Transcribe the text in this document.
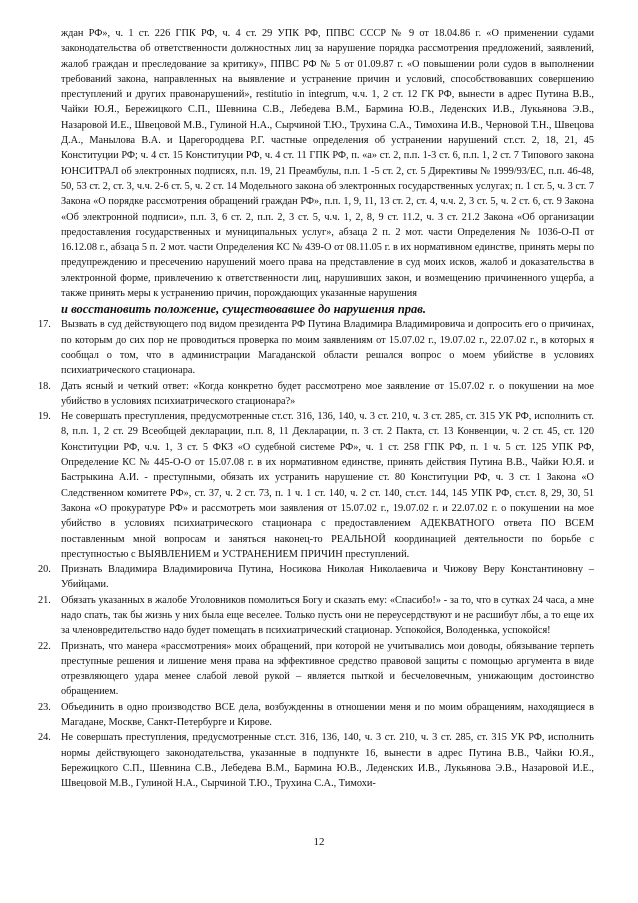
ждан РФ», ч. 1 ст. 226 ГПК РФ, ч. 4 ст. 29 УПК РФ, ППВС СССР № 9 от 18.04.86 г. «О применении судами законодательства об ответственности должностных лиц за нарушение порядка рассмотрения предложений, заявлений, жалоб граждан и преследование за критику», ППВС РФ № 5 от 01.09.87 г. «О повышении роли судов в выполнении требований закона, направленных на выявление и устранение причин и условий, способствовавших совершению преступлений и других правонарушений», restitutio in integrum, ч.ч. 1, 2 ст. 12 ГК РФ, вынести в адрес Путина В.В., Чайки Ю.Я., Бережицкого С.П., Шевнина С.В., Лебедева В.М., Бармина Ю.В., Леденских И.В., Лукьянова Э.В., Назаровой И.Е., Швецовой М.В., Гулиной Н.А., Сырчиной Т.Ю., Трухина С.А., Тимохина И.В., Черновой Т.Н., Швецова Д.А., Манылова В.А. и Царегородцева Р.Г. частные определения об устранении нарушений ст.ст. 2, 18, 21, 45 Конституции РФ; ч. 4 ст. 15 Конституции РФ, ч. 4 ст. 11 ГПК РФ, п. «а» ст. 2, п.п. 1-3 ст. 6, п.п. 1, 2 ст. 7 Типового закона ЮНСИТРАЛ об электронных подписях, п.п. 19, 21 Преамбулы, п.п. 1 -5 ст. 2, ст. 5 Директивы № 1999/93/ЕС, п.п. 46-48, 50, 53 ст. 2, ст. 3, ч.ч. 2-6 ст. 5, ч. 2 ст. 14 Модельного закона об электронных государственных услугах; п. 1 ст. 5, ч. 3 ст. 7 Закона «О порядке рассмотрения обращений граждан РФ», п.п. 1, 9, 11, 13 ст. 2, ст. 4, ч.ч. 2, 3 ст. 5, ч. 2 ст. 6, ст. 9 Закона «Об электронной подписи», п.п. 3, 6 ст. 2, п.п. 2, 3 ст. 5, ч.ч. 1, 2, 8, 9 ст. 11.2, ч. 3 ст. 21.2 Закона «Об организации предоставления государственных и муниципальных услуг», абзаца 2 п. 2 мот. части Определения № 1036-О-П от 16.12.08 г., абзаца 5 п. 2 мот. части Определения КС № 439-О от 08.11.05 г. в их нормативном единстве, принять меры по предупреждению и пресечению нарушений моего права на представление в суд моих исков, жалоб и доказательства в электронной форме, привлечению к ответственности лиц, нарушивших закон, и возмещению причиненного ущерба, а также принять меры к устранению причин, порождающих указанные нарушения

и восстановить положение, существовавшее до нарушения прав.

17. Вызвать в суд действующего под видом президента РФ Путина Владимира Владимировича и допросить его о причинах, по которым до сих пор не проводиться проверка по моим заявлениям от 15.07.02 г., 19.07.02 г., 22.07.02 г., в которых я сообщал о том, что в администрации Магаданской области решался вопрос о моем убийстве в условиях психиатрического стационара.
18. Дать ясный и четкий ответ: «Когда конкретно будет рассмотрено мое заявление от 15.07.02 г. о покушении на мое убийство в условиях психиатрического стационара?»
19. Не совершать преступления, предусмотренные ст.ст. 316, 136, 140, ч. 3 ст. 210, ч. 3 ст. 285, ст. 315 УК РФ, исполнить ст. 8, п.п. 1, 2 ст. 29 Всеобщей декларации, п.п. 8, 11 Декларации, п. 3 ст. 2 Пакта, ст. 13 Конвенции, ч. 2 ст. 45, ст. 120 Конституции РФ, ч.ч. 1, 3 ст. 5 ФКЗ «О судебной системе РФ», ч. 1 ст. 258 ГПК РФ, п. 1 ч. 5 ст. 125 УПК РФ, Определение КС № 445-О-О от 15.07.08 г. в их нормативном единстве, принять действия Путина В.В., Чайки Ю.Я. и Бастрыкина А.И. - преступными, обязать их устранить нарушение ст. 80 Конституции РФ, ч. 3 ст. 1 Закона «О Следственном комитете РФ», ст. 37, ч. 2 ст. 73, п. 1 ч. 1 ст. 140, ч. 2 ст. 140, ст.ст. 144, 145 УПК РФ, ст.ст. 8, 29, 30, 51 Закона «О прокуратуре РФ» и рассмотреть мои заявления от 15.07.02 г., 19.07.02 г. и 22.07.02 г. о покушении на мое убийство в условиях психиатрического стационара с предоставлением АДЕКВАТНОГО ответа ПО ВСЕМ поставленным мной вопросам и заняться наконец-то РЕАЛЬНОЙ координацией деятельности по борьбе с преступностью с ВЫЯВЛЕНИЕМ и УСТРАНЕНИЕМ ПРИЧИН преступлений.
20. Признать Владимира Владимировича Путина, Носикова Николая Николаевича и Чижову Веру Константиновну – Убийцами.
21. Обязать указанных в жалобе Уголовников помолиться Богу и сказать ему: «Спасибо!» - за то, что в сутках 24 часа, а мне надо спать, так бы жизнь у них была еще веселее. Только пусть они не переусердствуют и не расшибут лбы, а то еще их за членовредительство надо будет помещать в психиатрический стационар. Успокойся, Володенька, успокойся!
22. Признать, что манера «рассмотрения» моих обращений, при которой не учитывались мои доводы, обязывание терпеть преступные решения и лишение меня права на эффективное средство правовой защиты с помощью аргумента в виде отрезвляющего удара менее слабой левой рукой – является пыткой и бесчеловечным, унижающим достоинство обращением.
23. Объединить в одно производство ВСЕ дела, возбужденны в отношении меня и по моим обращениям, находящиеся в Магадане, Москве, Санкт-Петербурге и Кирове.
24. Не совершать преступления, предусмотренные ст.ст. 316, 136, 140, ч. 3 ст. 210, ч. 3 ст. 285, ст. 315 УК РФ, исполнить нормы действующего законодательства, указанные в подпункте 16, вынести в адрес Путина В.В., Чайки Ю.Я., Бережицкого С.П., Шевнина С.В., Лебедева В.М., Бармина Ю.В., Леденских И.В., Лукьянова Э.В., Назаровой И.Е., Швецовой М.В., Гулиной Н.А., Сырчиной Т.Ю., Трухина С.А., Тимохи-
12
